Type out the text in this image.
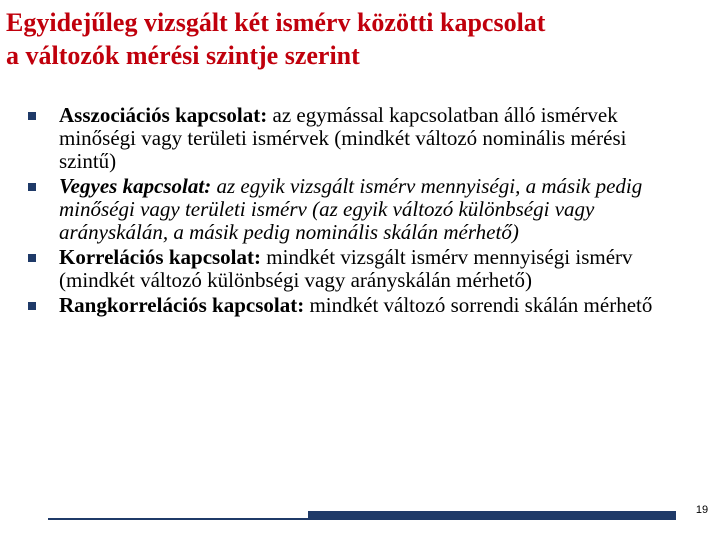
Egyidejűleg vizsgált két ismérv közötti kapcsolat
a változók mérési szintje szerint
Asszociációs kapcsolat: az egymással kapcsolatban álló ismérvek minőségi vagy területi ismérvek (mindkét változó nominális mérési szintű)
Vegyes kapcsolat: az egyik vizsgált ismérv mennyiségi, a másik pedig minőségi vagy területi ismérv (az egyik változó különbségi vagy arányskálán, a másik pedig nominális skálán mérhető)
Korrelációs kapcsolat: mindkét vizsgált ismérv mennyiségi ismérv (mindkét változó különbségi vagy arányskálán mérhető)
Rangkorrelációs kapcsolat: mindkét változó sorrendi skálán mérhető
19
